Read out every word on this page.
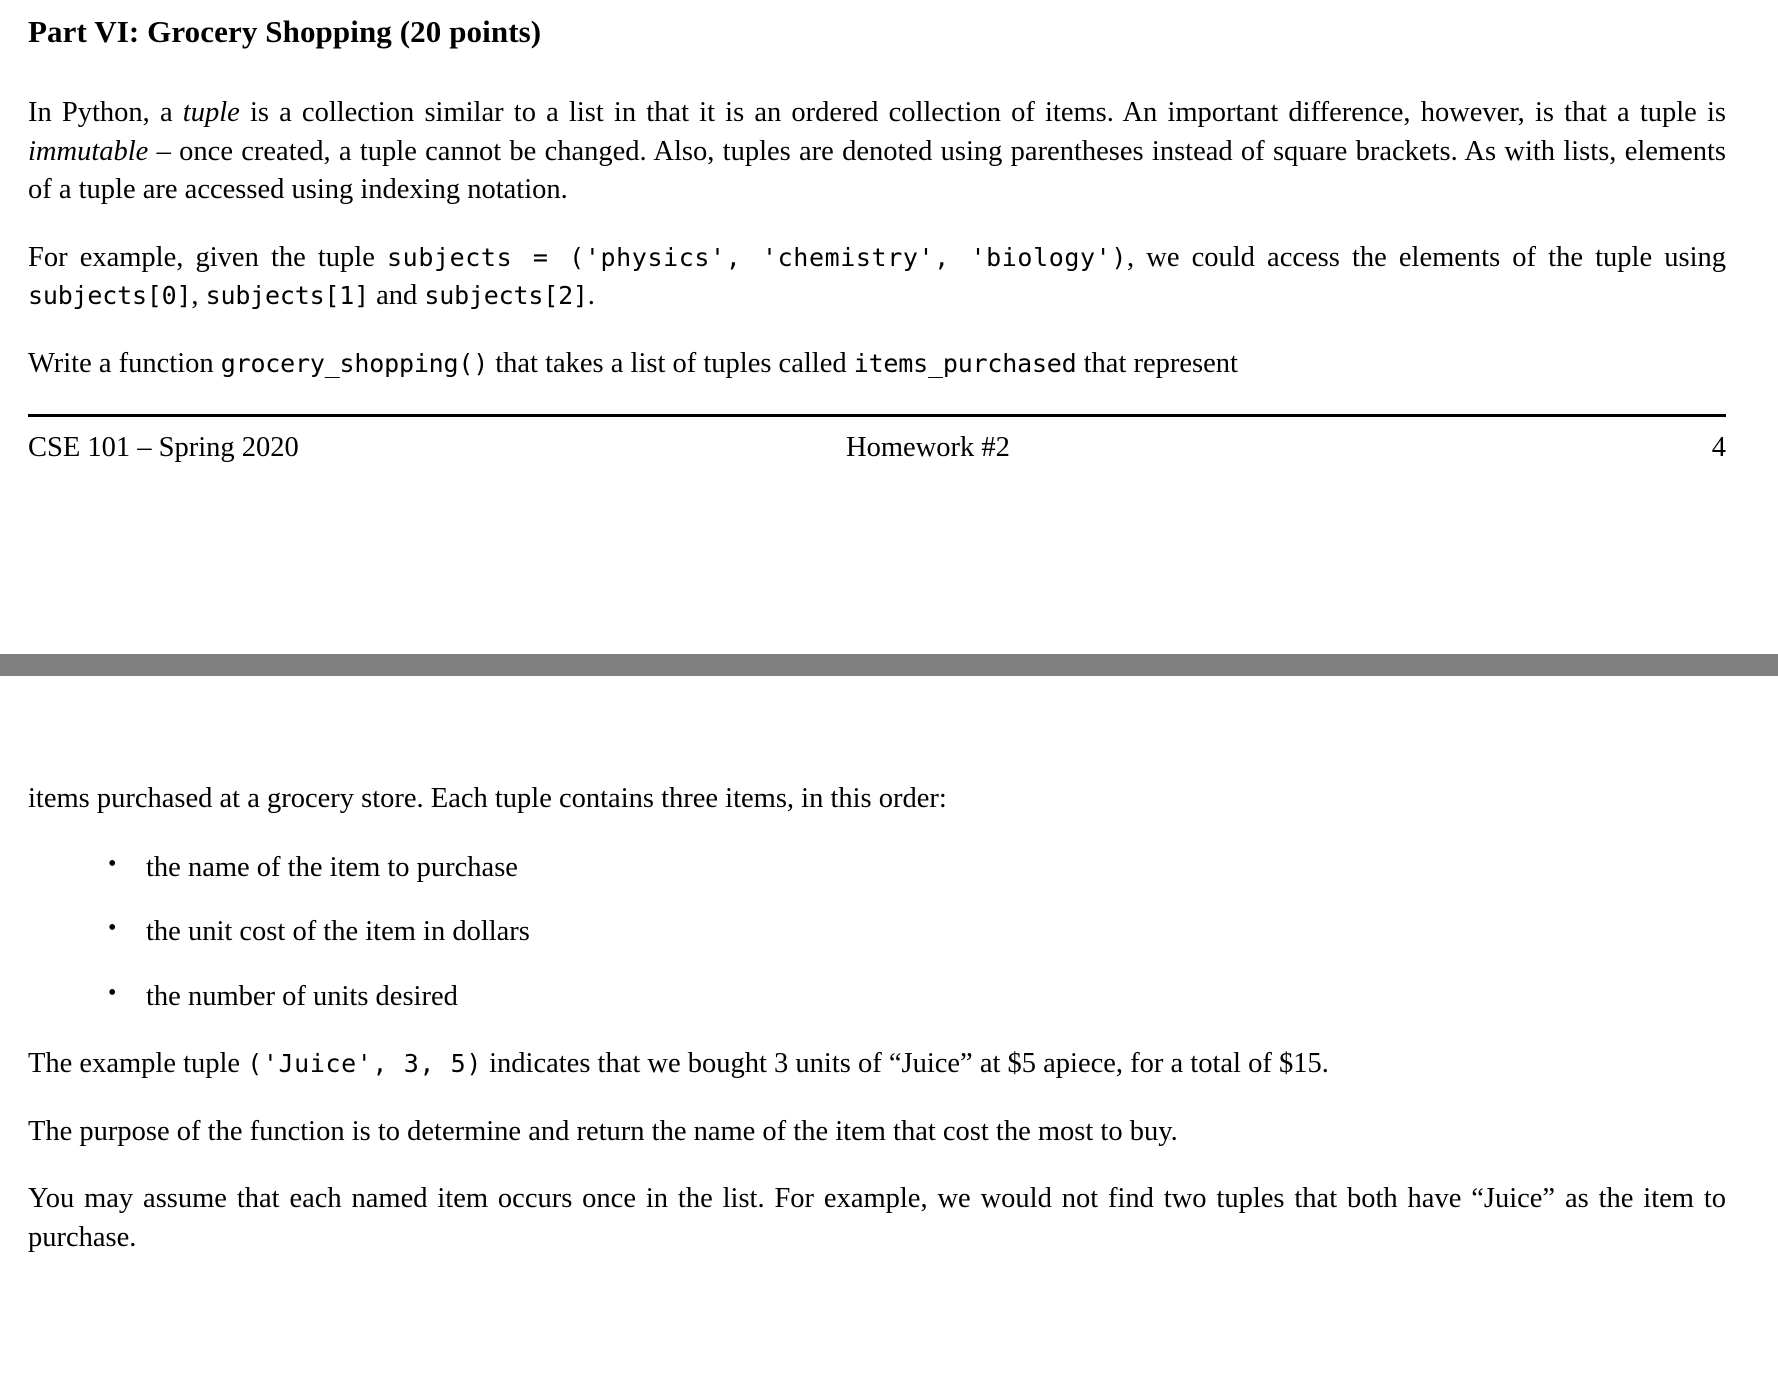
Part VI: Grocery Shopping (20 points)

In Python, a tuple is a collection similar to a list in that it is an ordered collection of items. An important difference, however, is that a tuple is immutable – once created, a tuple cannot be changed. Also, tuples are denoted using parentheses instead of square brackets. As with lists, elements of a tuple are accessed using indexing notation.

For example, given the tuple subjects = ('physics', 'chemistry', 'biology'), we could access the elements of the tuple using subjects[0], subjects[1] and subjects[2].

Write a function grocery_shopping() that takes a list of tuples called items_purchased that represent

CSE 101 – Spring 2020	Homework #2	4

items purchased at a grocery store. Each tuple contains three items, in this order:

• the name of the item to purchase
• the unit cost of the item in dollars
• the number of units desired

The example tuple ('Juice', 3, 5) indicates that we bought 3 units of “Juice” at $5 apiece, for a total of $15.

The purpose of the function is to determine and return the name of the item that cost the most to buy.

You may assume that each named item occurs once in the list. For example, we would not find two tuples that both have “Juice” as the item to purchase.
